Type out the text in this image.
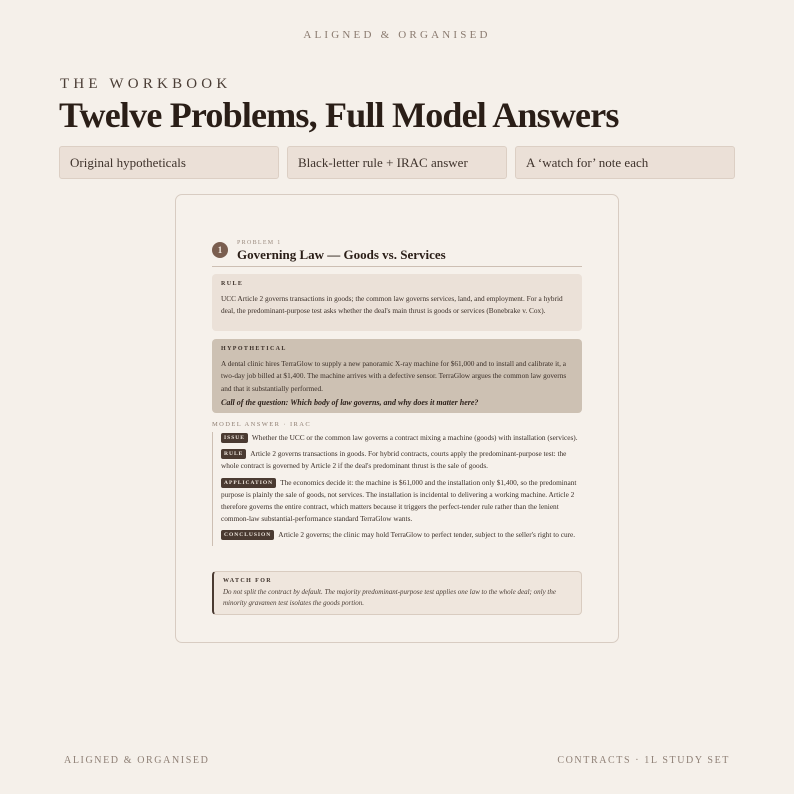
ALIGNED & ORGANISED
THE WORKBOOK
Twelve Problems, Full Model Answers
Original hypotheticals	Black-letter rule + IRAC answer	A ‘watch for’ note each
1
PROBLEM 1
Governing Law — Goods vs. Services
RULE
UCC Article 2 governs transactions in goods; the common law governs services, land, and employment. For a hybrid deal, the predominant-purpose test asks whether the deal's main thrust is goods or services (Bonebrake v. Cox).
HYPOTHETICAL
A dental clinic hires TerraGlow to supply a new panoramic X-ray machine for $61,000 and to install and calibrate it, a two-day job billed at $1,400. The machine arrives with a defective sensor. TerraGlow argues the common law governs and that it substantially performed.
Call of the question: Which body of law governs, and why does it matter here?
MODEL ANSWER · IRAC
ISSUE Whether the UCC or the common law governs a contract mixing a machine (goods) with installation (services).
RULE Article 2 governs transactions in goods. For hybrid contracts, courts apply the predominant-purpose test: the whole contract is governed by Article 2 if the deal's predominant thrust is the sale of goods.
APPLICATION The economics decide it: the machine is $61,000 and the installation only $1,400, so the predominant purpose is plainly the sale of goods, not services. The installation is incidental to delivering a working machine. Article 2 therefore governs the entire contract, which matters because it triggers the perfect-tender rule rather than the lenient common-law substantial-performance standard TerraGlow wants.
CONCLUSION Article 2 governs; the clinic may hold TerraGlow to perfect tender, subject to the seller's right to cure.
WATCH FOR
Do not split the contract by default. The majority predominant-purpose test applies one law to the whole deal; only the minority gravamen test isolates the goods portion.
ALIGNED & ORGANISED	CONTRACTS · 1L STUDY SET
